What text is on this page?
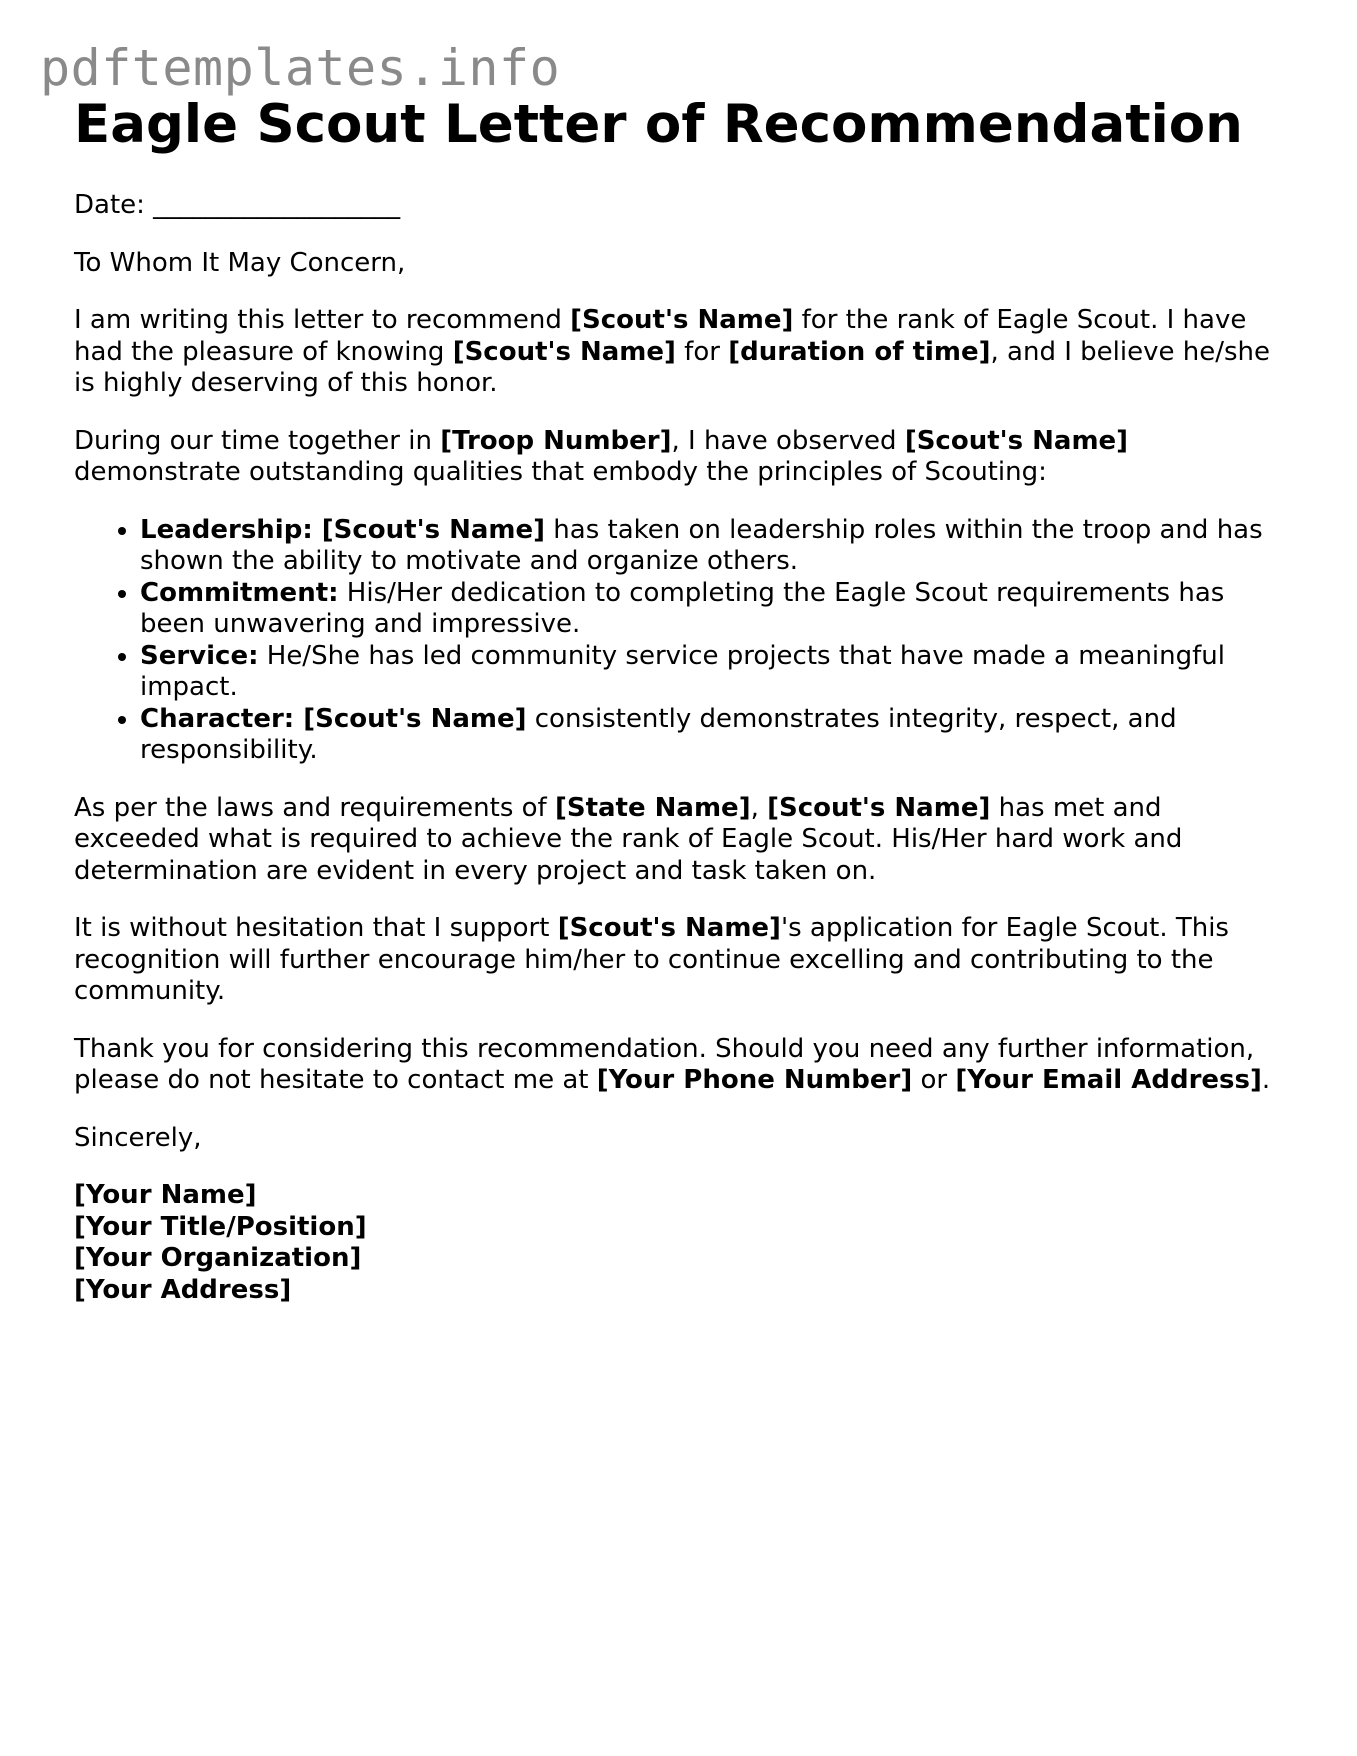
pdftemplates.info
Eagle Scout Letter of Recommendation

Date: ___________________

To Whom It May Concern,

I am writing this letter to recommend [Scout's Name] for the rank of Eagle Scout. I have had the pleasure of knowing [Scout's Name] for [duration of time], and I believe he/she is highly deserving of this honor.

During our time together in [Troop Number], I have observed [Scout's Name] demonstrate outstanding qualities that embody the principles of Scouting:

• Leadership: [Scout's Name] has taken on leadership roles within the troop and has shown the ability to motivate and organize others.
• Commitment: His/Her dedication to completing the Eagle Scout requirements has been unwavering and impressive.
• Service: He/She has led community service projects that have made a meaningful impact.
• Character: [Scout's Name] consistently demonstrates integrity, respect, and responsibility.

As per the laws and requirements of [State Name], [Scout's Name] has met and exceeded what is required to achieve the rank of Eagle Scout. His/Her hard work and determination are evident in every project and task taken on.

It is without hesitation that I support [Scout's Name]'s application for Eagle Scout. This recognition will further encourage him/her to continue excelling and contributing to the community.

Thank you for considering this recommendation. Should you need any further information, please do not hesitate to contact me at [Your Phone Number] or [Your Email Address].

Sincerely,

[Your Name]
[Your Title/Position]
[Your Organization]
[Your Address]
